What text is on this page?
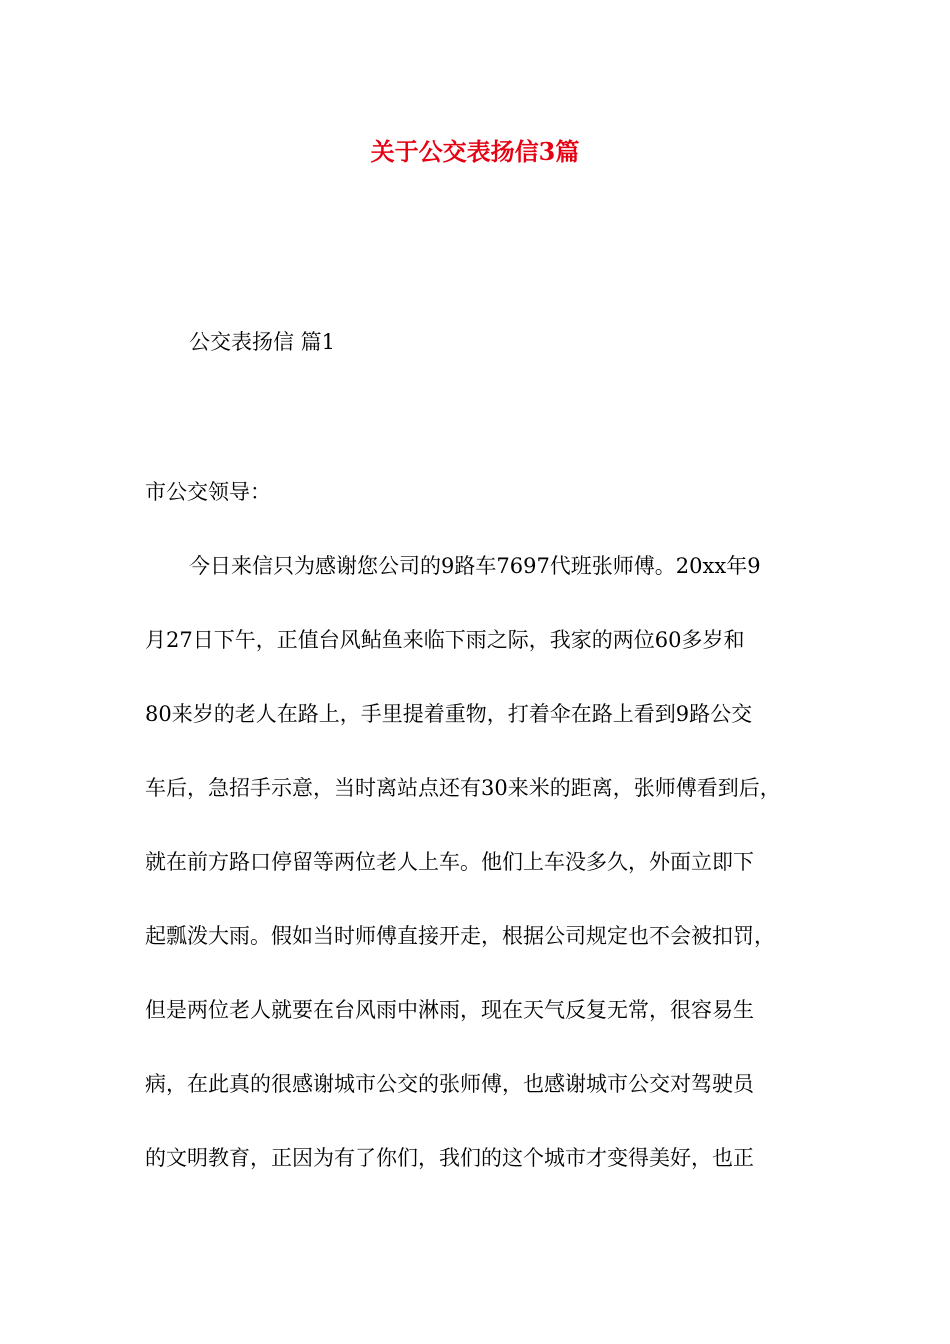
关于公交表扬信3篇
公交表扬信 篇1
市公交领导：
今日来信只为感谢您公司的9路车7697代班张师傅。20xx年9
月27日下午，正值台风鲇鱼来临下雨之际，我家的两位60多岁和
80来岁的老人在路上，手里提着重物，打着伞在路上看到9路公交
车后，急招手示意，当时离站点还有30来米的距离，张师傅看到后，
就在前方路口停留等两位老人上车。他们上车没多久，外面立即下
起瓢泼大雨。假如当时师傅直接开走，根据公司规定也不会被扣罚，
但是两位老人就要在台风雨中淋雨，现在天气反复无常，很容易生
病，在此真的很感谢城市公交的张师傅，也感谢城市公交对驾驶员
的文明教育，正因为有了你们，我们的这个城市才变得美好，也正
